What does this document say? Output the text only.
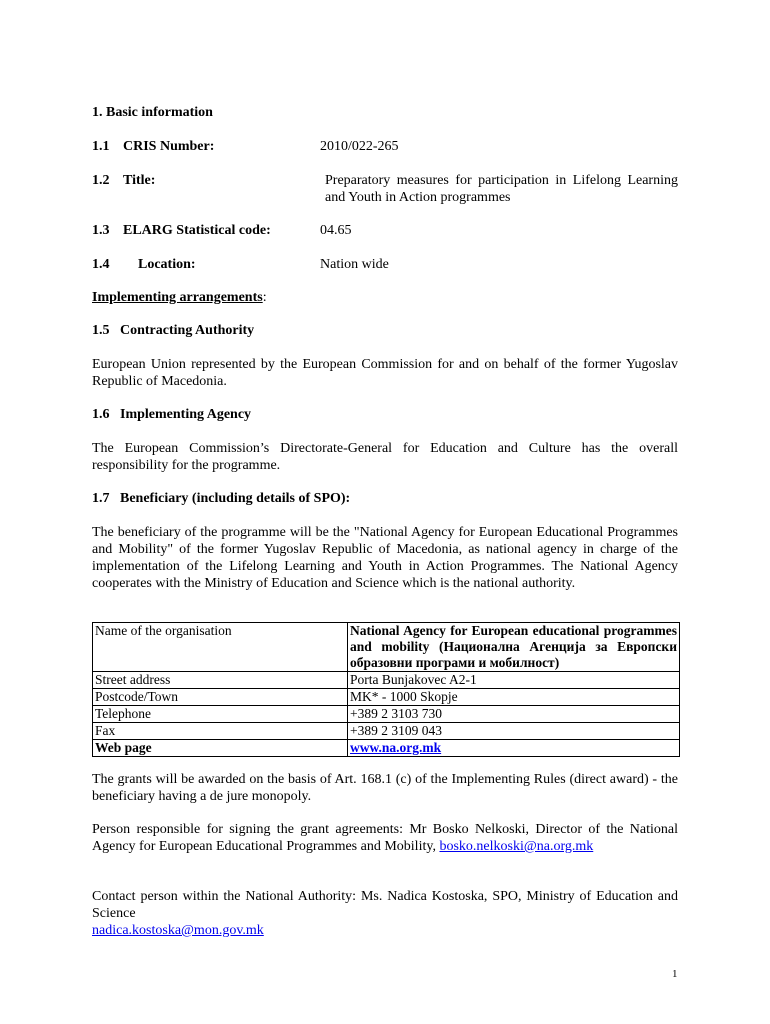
1. Basic information
1.1 CRIS Number:	2010/022-265
1.2 Title:	Preparatory measures for participation in Lifelong Learning and Youth in Action programmes
1.3 ELARG Statistical code:	04.65
1.4 Location:	Nation wide
Implementing arrangements:
1.5   Contracting Authority
European Union represented by the European Commission for and on behalf of the former Yugoslav Republic of Macedonia.
1.6   Implementing Agency
The European Commission’s Directorate-General for Education and Culture has the overall responsibility for the programme.
1.7   Beneficiary (including details of SPO):
The beneficiary of the programme will be the "National Agency for European Educational Programmes and Mobility" of the former Yugoslav Republic of Macedonia, as national agency in charge of the implementation of the Lifelong Learning and Youth in Action Programmes. The National Agency cooperates with the Ministry of Education and Science which is the national authority.
Name of the organisation	National Agency for European educational programmes and mobility (Национална Агенција за Европски образовни програми и мобилност)
Street address	Porta Bunjakovec A2-1
Postcode/Town	MK* - 1000 Skopje
Telephone	+389 2 3103 730
Fax	+389 2 3109 043
Web page	www.na.org.mk
The grants will be awarded on the basis of Art. 168.1 (c) of the Implementing Rules (direct award) - the beneficiary having a de jure monopoly.
Person responsible for signing the grant agreements: Mr Bosko Nelkoski, Director of the National Agency for European Educational Programmes and Mobility, bosko.nelkoski@na.org.mk
Contact person within the National Authority: Ms. Nadica Kostoska, SPO, Ministry of Education and Science
nadica.kostoska@mon.gov.mk
1
